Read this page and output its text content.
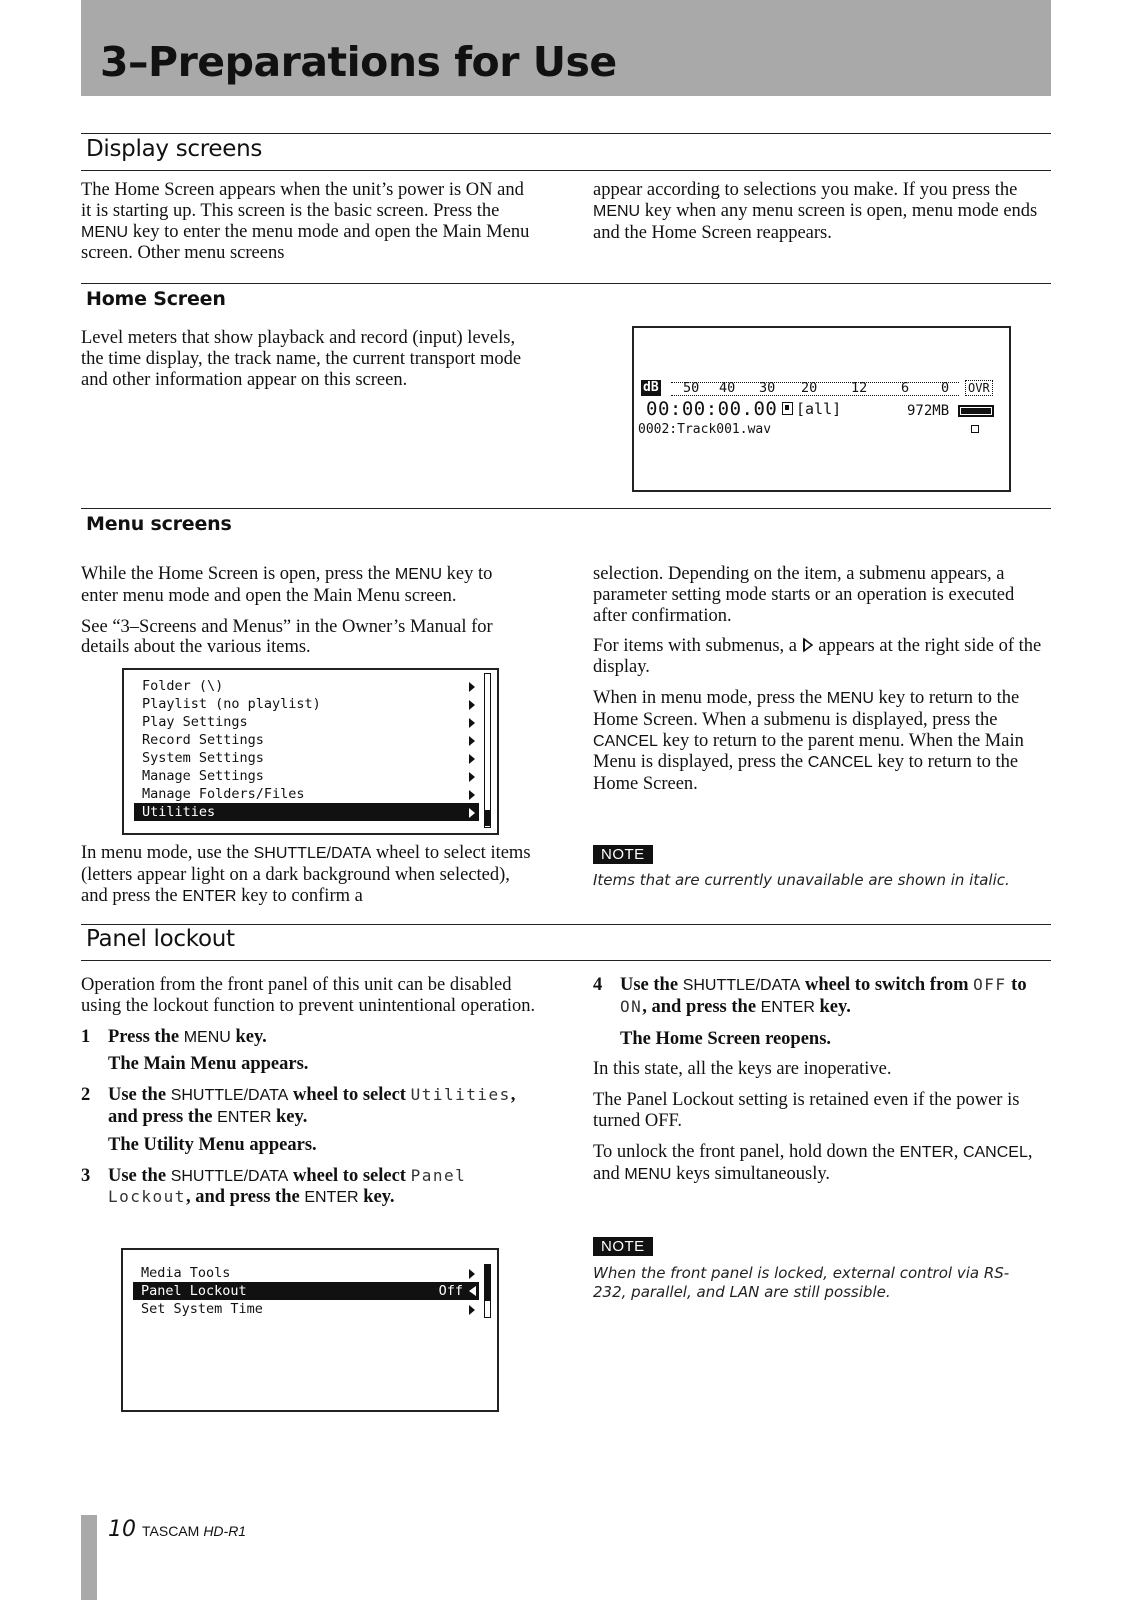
3–Preparations for Use
Display screens

The Home Screen appears when the unit’s power is ON and it is starting up. This screen is the basic screen. Press the MENU key to enter the menu mode and open the Main Menu screen. Other menu screens

appear according to selections you make. If you press the MENU key when any menu screen is open, menu mode ends and the Home Screen reappears.

Home Screen

Level meters that show playback and record (input) levels, the time display, the track name, the current transport mode and other information appear on this screen.	dB 50 40 30 20 12 6 0 OVR
00:00:00.00 [all]	972MB
0002:Track001.wav
Menu screens

While the Home Screen is open, press the MENU key to enter menu mode and open the Main Menu screen.

See “3–Screens and Menus” in the Owner’s Manual for details about the various items.

Folder (\)
Playlist (no playlist)
Play Settings
Record Settings
System Settings
Manage Settings
Manage Folders/Files
Utilities

In menu mode, use the SHUTTLE/DATA wheel to select items (letters appear light on a dark background when selected), and press the ENTER key to confirm a

selection. Depending on the item, a submenu appears, a parameter setting mode starts or an operation is executed after confirmation.

For items with submenus, a  appears at the right side of the display.

When in menu mode, press the MENU key to return to the Home Screen. When a submenu is displayed, press the CANCEL key to return to the parent menu. When the Main Menu is displayed, press the CANCEL key to return to the Home Screen.

NOTE
Items that are currently unavailable are shown in italic.
Panel lockout

Operation from the front panel of this unit can be disabled using the lockout function to prevent unintentional operation.

1 Press the MENU key.
The Main Menu appears.
2 Use the SHUTTLE/DATA wheel to select Utilities, and press the ENTER key.
The Utility Menu appears.
3 Use the SHUTTLE/DATA wheel to select Panel Lockout, and press the ENTER key.
Media Tools
Panel Lockout	Off
Set System Time
4 Use the SHUTTLE/DATA wheel to switch from OFF to ON, and press the ENTER key.
The Home Screen reopens.

In this state, all the keys are inoperative.

The Panel Lockout setting is retained even if the power is turned OFF.

To unlock the front panel, hold down the ENTER, CANCEL, and MENU keys simultaneously.

NOTE
When the front panel is locked, external control via RS-232, parallel, and LAN are still possible.
10 TASCAM HD-R1
